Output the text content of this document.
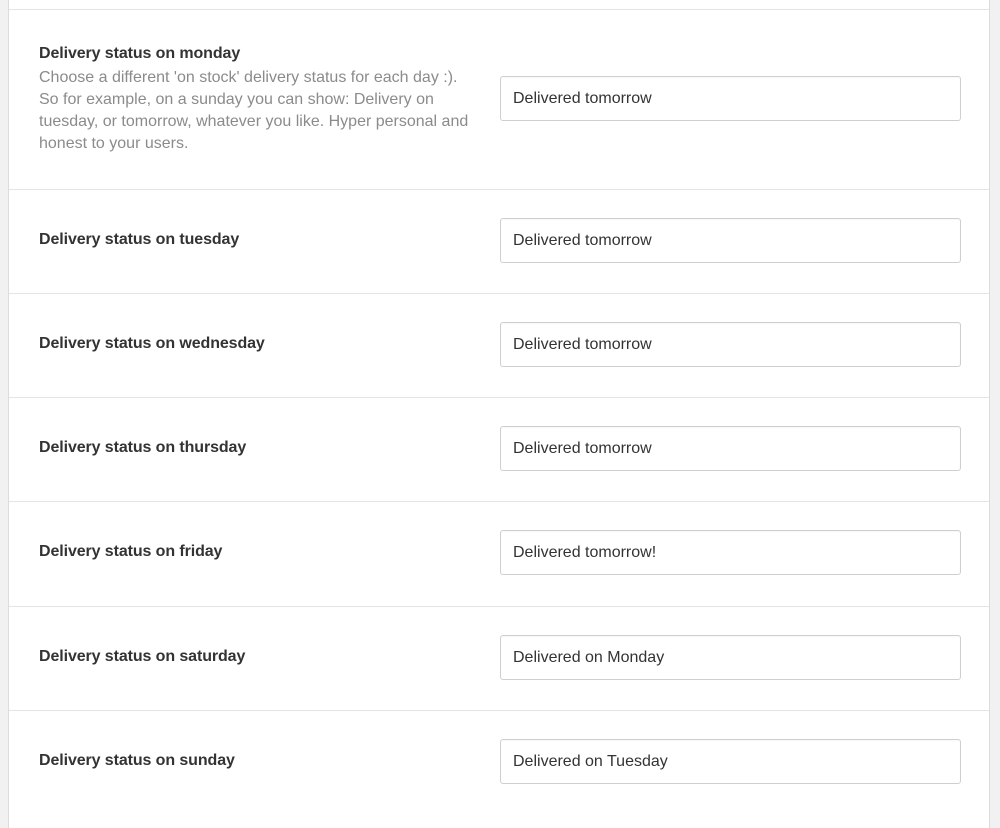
Delivery status on monday
Choose a different 'on stock' delivery status for each day :). So for example, on a sunday you can show: Delivery on tuesday, or tomorrow, whatever you like. Hyper personal and honest to your users.
Delivered tomorrow
Delivery status on tuesday
Delivered tomorrow
Delivery status on wednesday
Delivered tomorrow
Delivery status on thursday
Delivered tomorrow
Delivery status on friday
Delivered tomorrow!
Delivery status on saturday
Delivered on Monday
Delivery status on sunday
Delivered on Tuesday
